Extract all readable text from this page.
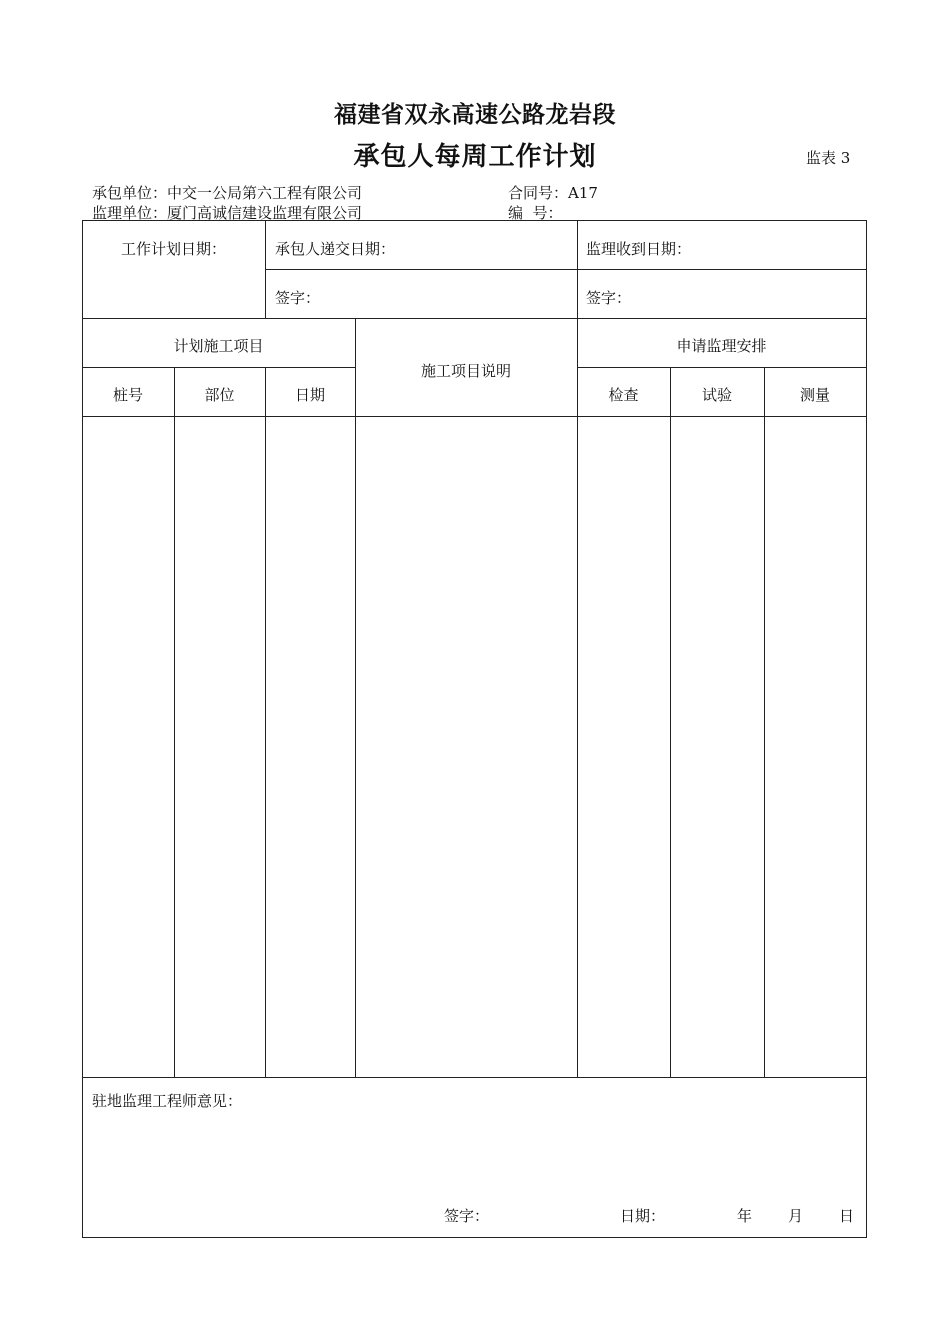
福建省双永高速公路龙岩段
承包人每周工作计划	监表 3
承包单位：中交一公局第六工程有限公司	合同号：A17
监理单位：厦门高诚信建设监理有限公司	编  号：
工作计划日期：	承包人递交日期：	监理收到日期：
签字：	签字：
计划施工项目
施工项目说明
申请监理安排
桩号	部位	日期	检查	试验	测量
驻地监理工程师意见：
签字：	日期：	年 月 日
